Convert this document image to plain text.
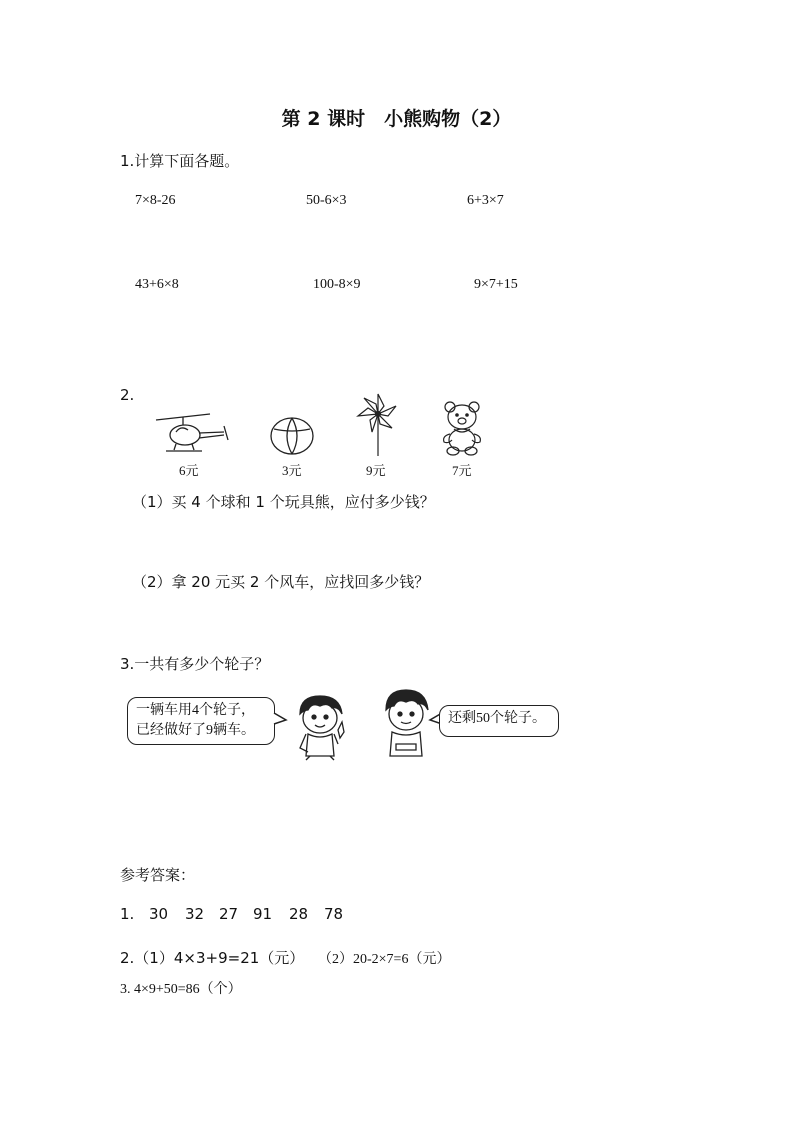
第 2 课时　小熊购物（2）
1.计算下面各题。
7×8-26	50-6×3	6+3×7
43+6×8	100-8×9	9×7+15
2.
6元	3元	9元	7元
（1）买 4 个球和 1 个玩具熊，应付多少钱？
（2）拿 20 元买 2 个风车，应找回多少钱？
3.一共有多少个轮子？
一辆车用4个轮子，
已经做好了9辆车。
还剩50个轮子。
参考答案：
1. 30 32 27 91 28 78
2.（1）4×3+9=21（元） （2）20-2×7=6（元）
3. 4×9+50=86（个）
